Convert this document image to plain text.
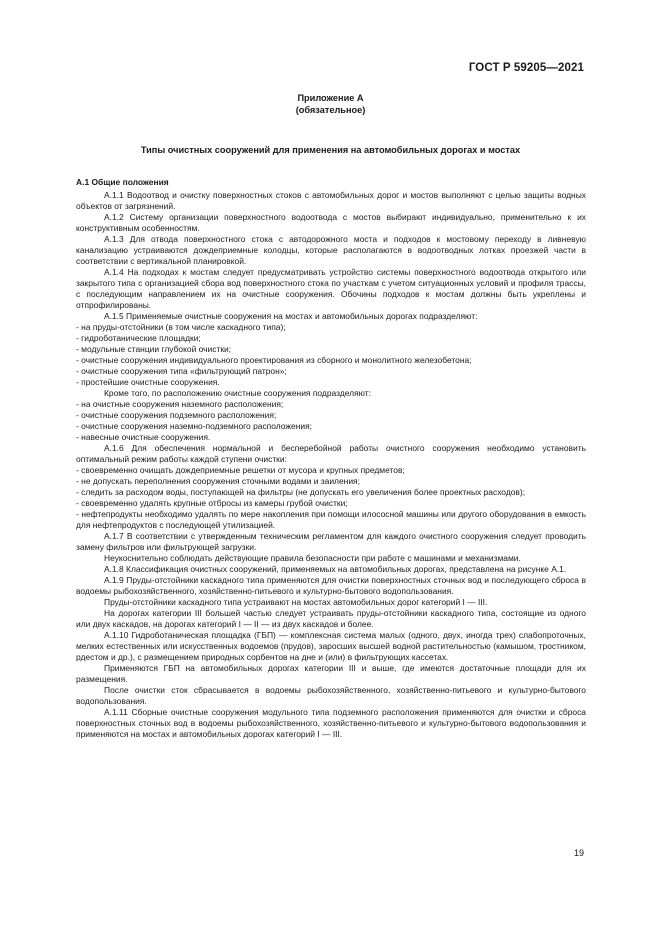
ГОСТ Р 59205—2021
Приложение А
(обязательное)
Типы очистных сооружений для применения на автомобильных дорогах и мостах

А.1 Общие положения

А.1.1 Водоотвод и очистку поверхностных стоков с автомобильных дорог и мостов выполняют с целью защиты водных объектов от загрязнений.

А.1.2 Систему организации поверхностного водоотвода с мостов выбирают индивидуально, применительно к их конструктивным особенностям.

А.1.3 Для отвода поверхностного стока с автодорожного моста и подходов к мостовому переходу в ливневую канализацию устраиваются дождеприемные колодцы, которые располагаются в водоотводных лотках проезжей части в соответствии с вертикальной планировкой.

А.1.4 На подходах к мостам следует предусматривать устройство системы поверхностного водоотвода открытого или закрытого типа с организацией сбора вод поверхностного стока по участкам с учетом ситуационных условий и профиля трассы, с последующим направлением их на очистные сооружения. Обочины подходов к мостам должны быть укреплены и отпрофилированы.

А.1.5 Применяемые очистные сооружения на мостах и автомобильных дорогах подразделяют:

- на пруды-отстойники (в том числе каскадного типа);

- гидроботанические площадки;

- модульные станции глубокой очистки;

- очистные сооружения индивидуального проектирования из сборного и монолитного железобетона;

- очистные сооружения типа «фильтрующий патрон»;

- простейшие очистные сооружения.

Кроме того, по расположению очистные сооружения подразделяют:

- на очистные сооружения наземного расположения;

- очистные сооружения подземного расположения;

- очистные сооружения наземно-подземного расположения;

- навесные очистные сооружения.

А.1.6 Для обеспечения нормальной и бесперебойной работы очистного сооружения необходимо установить оптимальный режим работы каждой ступени очистки:

- своевременно очищать дождеприемные решетки от мусора и крупных предметов;

- не допускать переполнения сооружения сточными водами и заиления;

- следить за расходом воды, поступающей на фильтры (не допускать его увеличения более проектных расходов);

- своевременно удалять крупные отбросы из камеры грубой очистки;

- нефтепродукты необходимо удалять по мере накопления при помощи илососной машины или другого оборудования в емкость для нефтепродуктов с последующей утилизацией.

А.1.7 В соответствии с утвержденным техническим регламентом для каждого очистного сооружения следует проводить замену фильтров или фильтрующей загрузки.

Неукоснительно соблюдать действующие правила безопасности при работе с машинами и механизмами.

А.1.8 Классификация очистных сооружений, применяемых на автомобильных дорогах, представлена на рисунке А.1.

А.1.9 Пруды-отстойники каскадного типа применяются для очистки поверхностных сточных вод и последующего сброса в водоемы рыбохозяйственного, хозяйственно-питьевого и культурно-бытового водопользования.

Пруды-отстойники каскадного типа устраивают на мостах автомобильных дорог категорий I — III.

На дорогах категории III большей частью следует устраивать пруды-отстойники каскадного типа, состоящие из одного или двух каскадов, на дорогах категорий I — II — из двух каскадов и более.

А.1.10 Гидроботаническая площадка (ГБП) — комплексная система малых (одного, двух, иногда трех) слабопроточных, мелких естественных или искусственных водоемов (прудов), заросших высшей водной растительностью (камышом, тростником, рдестом и др.), с размещением природных сорбентов на дне и (или) в фильтрующих кассетах.

Применяются ГБП на автомобильных дорогах категории III и выше, где имеются достаточные площади для их размещения.

После очистки сток сбрасывается в водоемы рыбохозяйственного, хозяйственно-питьевого и культурно-бытового водопользования.

А.1.11 Сборные очистные сооружения модульного типа подземного расположения применяются для очистки и сброса поверхностных сточных вод в водоемы рыбохозяйственного, хозяйственно-питьевого и культурно-бытового водопользования и применяются на мостах и автомобильных дорогах категорий I — III.

19
